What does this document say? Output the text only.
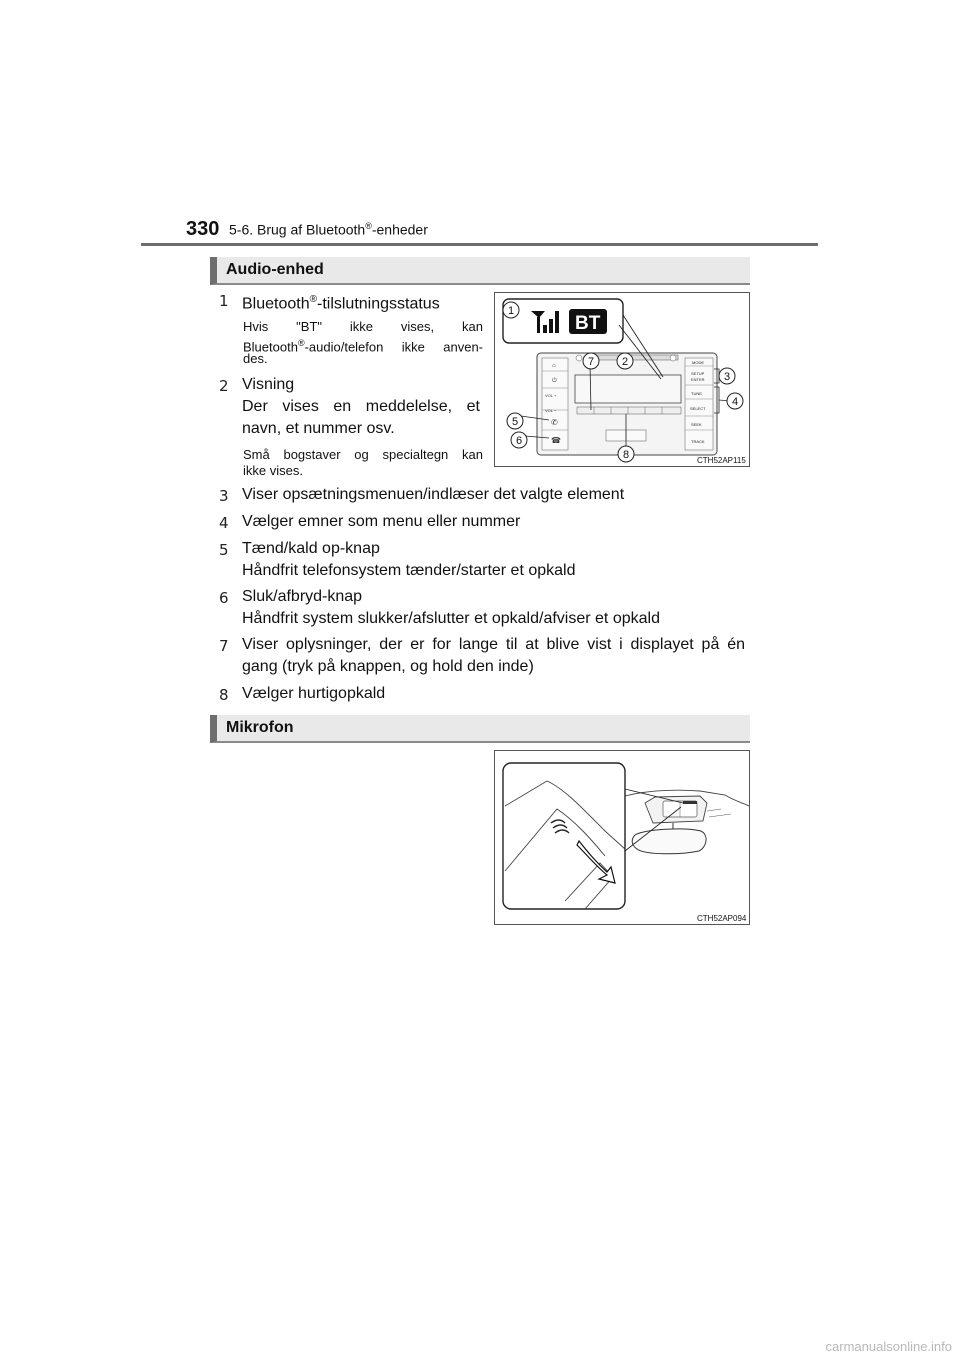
330 5-6. Brug af Bluetooth®-enheder
Audio-enhed
1 Bluetooth®-tilslutningsstatus
Hvis "BT" ikke vises, kan
Bluetooth®-audio/telefon ikke anven-
des.
2 Visning
Der vises en meddelelse, et
navn, et nummer osv.
Små bogstaver og specialtegn kan
ikke vises.
3 Viser opsætningsmenuen/indlæser det valgte element
4 Vælger emner som menu eller nummer
5 Tænd/kald op-knap
Håndfrit telefonsystem tænder/starter et opkald
6 Sluk/afbryd-knap
Håndfrit system slukker/afslutter et opkald/afviser et opkald
7 Viser oplysninger, der er for lange til at blive vist i displayet på én
gang (tryk på knappen, og hold den inde)
8 Vælger hurtigopkald
Mikrofon
⌂
⏻
VOL +
VOL −
✆
☎
MODE
SETUP
ENTER
TUNE
SELECT
SEEK
TRACK
BT
1
2
3
4
5
6
7
8	CTH52AP115
CTH52AP094
carmanualsonline.info
